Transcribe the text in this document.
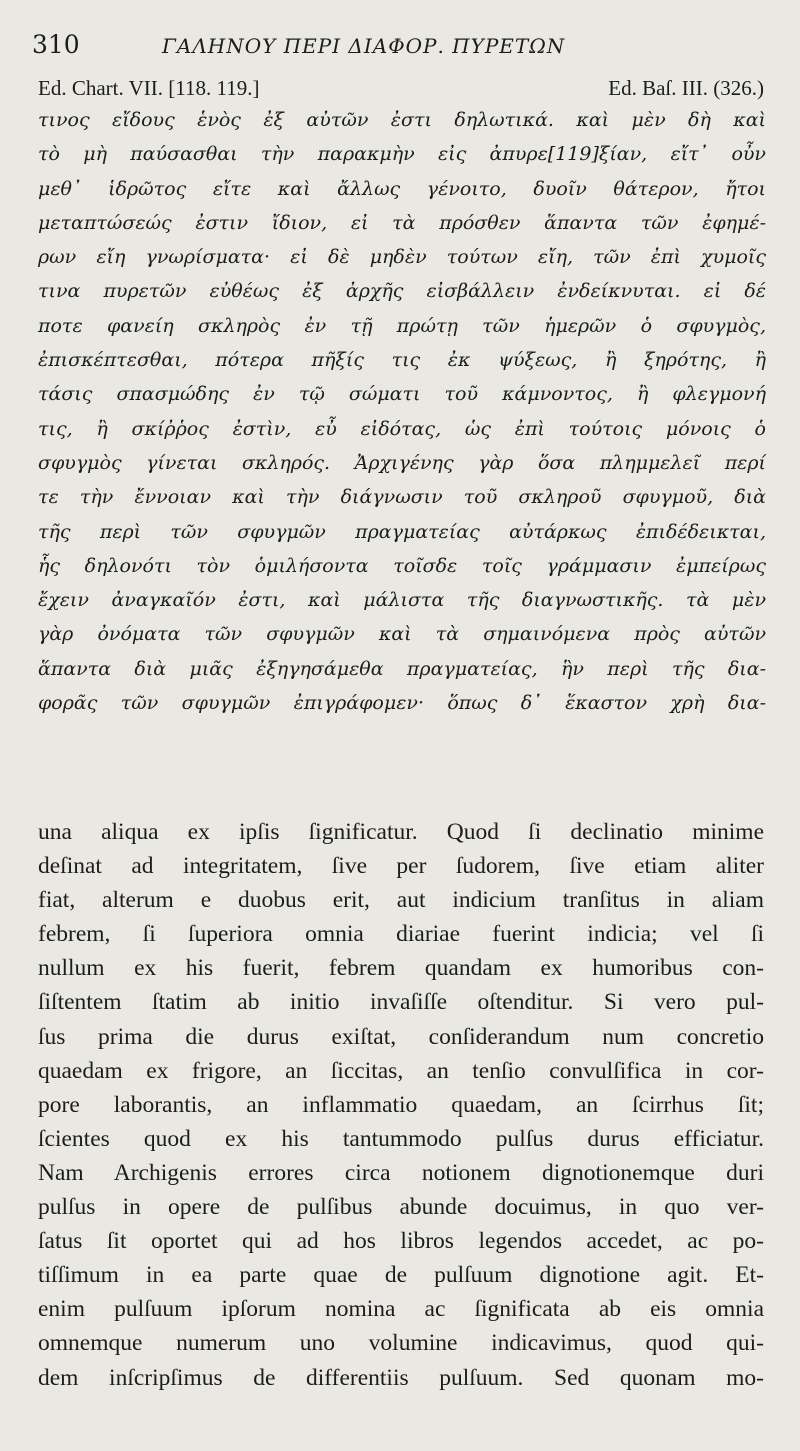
310	ΓΑΛΗΝΟΥ ΠΕΡΙ ΔΙΑΦΟΡ. ΠΥΡΕΤΩΝ
Ed. Chart. VII. [118. 119.]	Ed. Baſ. III. (326.)
τινος εἴδους ἑνὸς ἐξ αὐτῶν ἐστι δηλωτικά. καὶ μὲν δὴ καὶ
τὸ μὴ παύσασθαι τὴν παρακμὴν εἰς ἀπυρε[119]ξίαν, εἴτ᾽ οὖν
μεθ᾽ ἱδρῶτος εἴτε καὶ ἄλλως γένοιτο, δυοῖν θάτερον, ἤτοι
μεταπτώσεώς ἐστιν ἴδιον, εἰ τὰ πρόσθεν ἅπαντα τῶν ἐφημέ-
ρων εἴη γνωρίσματα· εἰ δὲ μηδὲν τούτων εἴη, τῶν ἐπὶ χυμοῖς
τινα πυρετῶν εὐθέως ἐξ ἀρχῆς εἰσβάλλειν ἐνδείκνυται. εἰ δέ
ποτε φανείη σκληρὸς ἐν τῇ πρώτῃ τῶν ἡμερῶν ὁ σφυγμὸς,
ἐπισκέπτεσθαι, πότερα πῆξίς τις ἐκ ψύξεως, ἢ ξηρότης, ἢ
τάσις σπασμώδης ἐν τῷ σώματι τοῦ κάμνοντος, ἢ φλεγμονή
τις, ἢ σκίῤῥος ἐστὶν, εὖ εἰδότας, ὡς ἐπὶ τούτοις μόνοις ὁ
σφυγμὸς γίνεται σκληρός. Ἀρχιγένης γὰρ ὅσα πλημμελεῖ περί
τε τὴν ἔννοιαν καὶ τὴν διάγνωσιν τοῦ σκληροῦ σφυγμοῦ, διὰ
τῆς περὶ τῶν σφυγμῶν πραγματείας αὐτάρκως ἐπιδέδεικται,
ἧς δηλονότι τὸν ὁμιλήσοντα τοῖσδε τοῖς γράμμασιν ἐμπείρως
ἔχειν ἀναγκαῖόν ἐστι, καὶ μάλιστα τῆς διαγνωστικῆς. τὰ μὲν
γὰρ ὀνόματα τῶν σφυγμῶν καὶ τὰ σημαινόμενα πρὸς αὐτῶν
ἅπαντα διὰ μιᾶς ἐξηγησάμεθα πραγματείας, ἣν περὶ τῆς δια-
φορᾶς τῶν σφυγμῶν ἐπιγράφομεν· ὅπως δ᾽ ἕκαστον χρὴ δια-
una aliqua ex ipſis ſignificatur. Quod ſi declinatio minime
deſinat ad integritatem, ſive per ſudorem, ſive etiam aliter
fiat, alterum e duobus erit, aut indicium tranſitus in aliam
febrem, ſi ſuperiora omnia diariae fuerint indicia; vel ſi
nullum ex his fuerit, febrem quandam ex humoribus con-
ſiſtentem ſtatim ab initio invaſiſſe oſtenditur. Si vero pul-
ſus prima die durus exiſtat, conſiderandum num concretio
quaedam ex frigore, an ſiccitas, an tenſio convulſifica in cor-
pore laborantis, an inflammatio quaedam, an ſcirrhus ſit;
ſcientes quod ex his tantummodo pulſus durus efficiatur.
Nam Archigenis errores circa notionem dignotionemque duri
pulſus in opere de pulſibus abunde docuimus, in quo ver-
ſatus ſit oportet qui ad hos libros legendos accedet, ac po-
tiſſimum in ea parte quae de pulſuum dignotione agit. Et-
enim pulſuum ipſorum nomina ac ſignificata ab eis omnia
omnemque numerum uno volumine indicavimus, quod qui-
dem inſcripſimus de differentiis pulſuum. Sed quonam mo-
